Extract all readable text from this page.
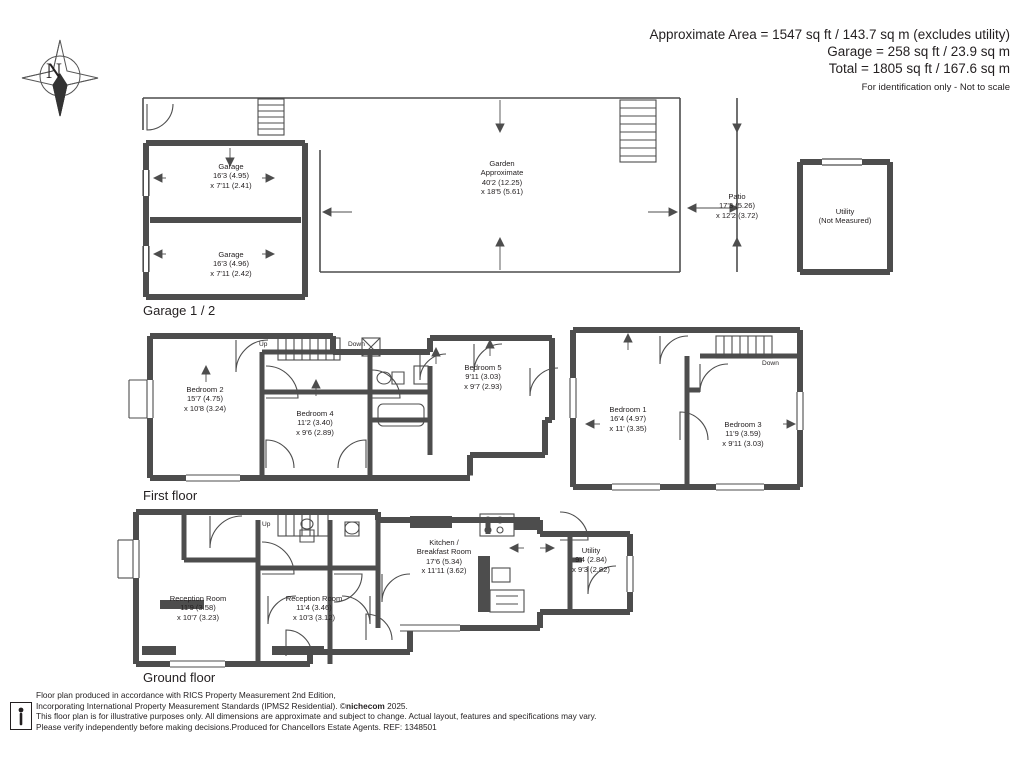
Approximate Area = 1547 sq ft / 143.7 sq m (excludes utility)
Garage = 258 sq ft / 23.9 sq m
Total = 1805 sq ft / 167.6 sq m
For identification only - Not to scale
N
Garage 1 / 2
First floor
Ground floor
Garage
16'3 (4.95)
x 7'11 (2.41)
Garage
16'3 (4.96)
x 7'11 (2.42)
Garden
Approximate
40'2 (12.25)
x 18'5 (5.61)
Patio
17'3 (5.26)
x 12'2 (3.72)	Utility
(Not Measured)
Bedroom 2
15'7 (4.75)
x 10'8 (3.24)
Bedroom 4
11'2 (3.40)
x 9'6 (2.89)
Bedroom 5
9'11 (3.03)
x 9'7 (2.93)
Bedroom 1
16'4 (4.97)
x 11' (3.35)	Bedroom 3
11'9 (3.59)
x 9'11 (3.03)
Reception Room
11'9 (3.58)
x 10'7 (3.23)
Reception Room
11'4 (3.46)
x 10'3 (3.12)
Kitchen /
Breakfast Room
17'6 (5.34)
x 11'11 (3.62)
Utility
9'4 (2.84)
x 9'3 (2.82)
Up	Down
Down
Up
Floor plan produced in accordance with RICS Property Measurement 2nd Edition,
Incorporating International Property Measurement Standards (IPMS2 Residential). ©nichecom 2025.
This floor plan is for illustrative purposes only. All dimensions are approximate and subject to change. Actual layout, features and specifications may vary.
Please verify independently before making decisions.Produced for Chancellors Estate Agents. REF: 1348501
